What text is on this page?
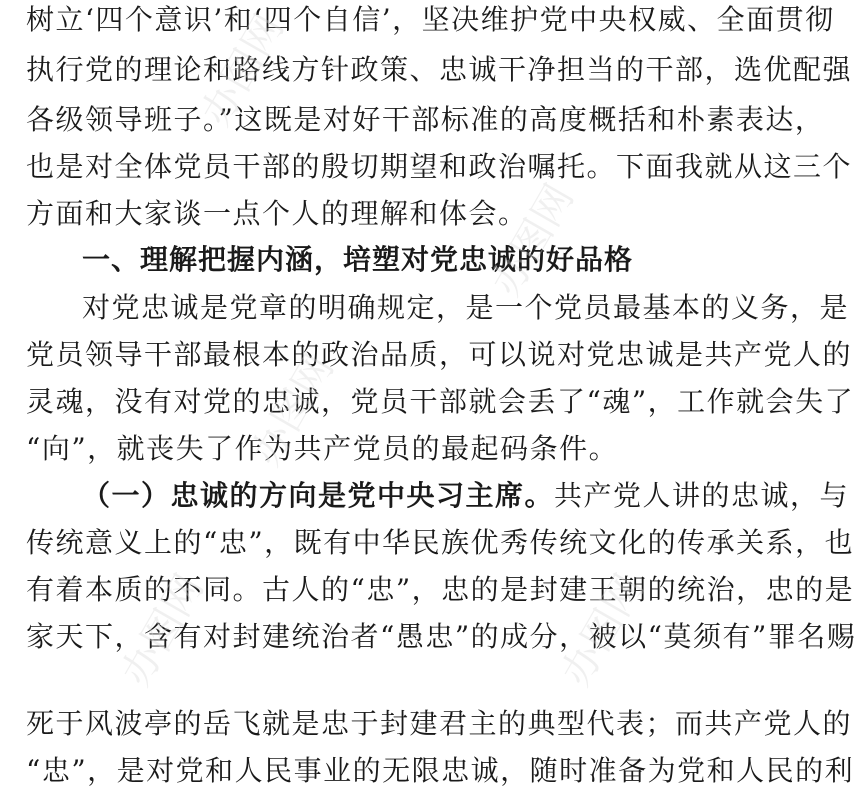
树立‘四个意识’和‘四个自信’，坚决维护党中央权威、全面贯彻
执行党的理论和路线方针政策、忠诚干净担当的干部，选优配强
各级领导班子。”这既是对好干部标准的高度概括和朴素表达，
也是对全体党员干部的殷切期望和政治嘱托。下面我就从这三个
方面和大家谈一点个人的理解和体会。
一、理解把握内涵，培塑对党忠诚的好品格
对党忠诚是党章的明确规定，是一个党员最基本的义务，是
党员领导干部最根本的政治品质，可以说对党忠诚是共产党人的
灵魂，没有对党的忠诚，党员干部就会丢了“魂”，工作就会失了
“向”，就丧失了作为共产党员的最起码条件。
（一）忠诚的方向是党中央习主席。共产党人讲的忠诚，与
传统意义上的“忠”，既有中华民族优秀传统文化的传承关系，也
有着本质的不同。古人的“忠”，忠的是封建王朝的统治，忠的是
家天下，含有对封建统治者“愚忠”的成分，被以“莫须有”罪名赐
死于风波亭的岳飞就是忠于封建君主的典型代表；而共产党人的
“忠”，是对党和人民事业的无限忠诚，随时准备为党和人民的利
办图网
办图网
办图网
办图网
办图网
